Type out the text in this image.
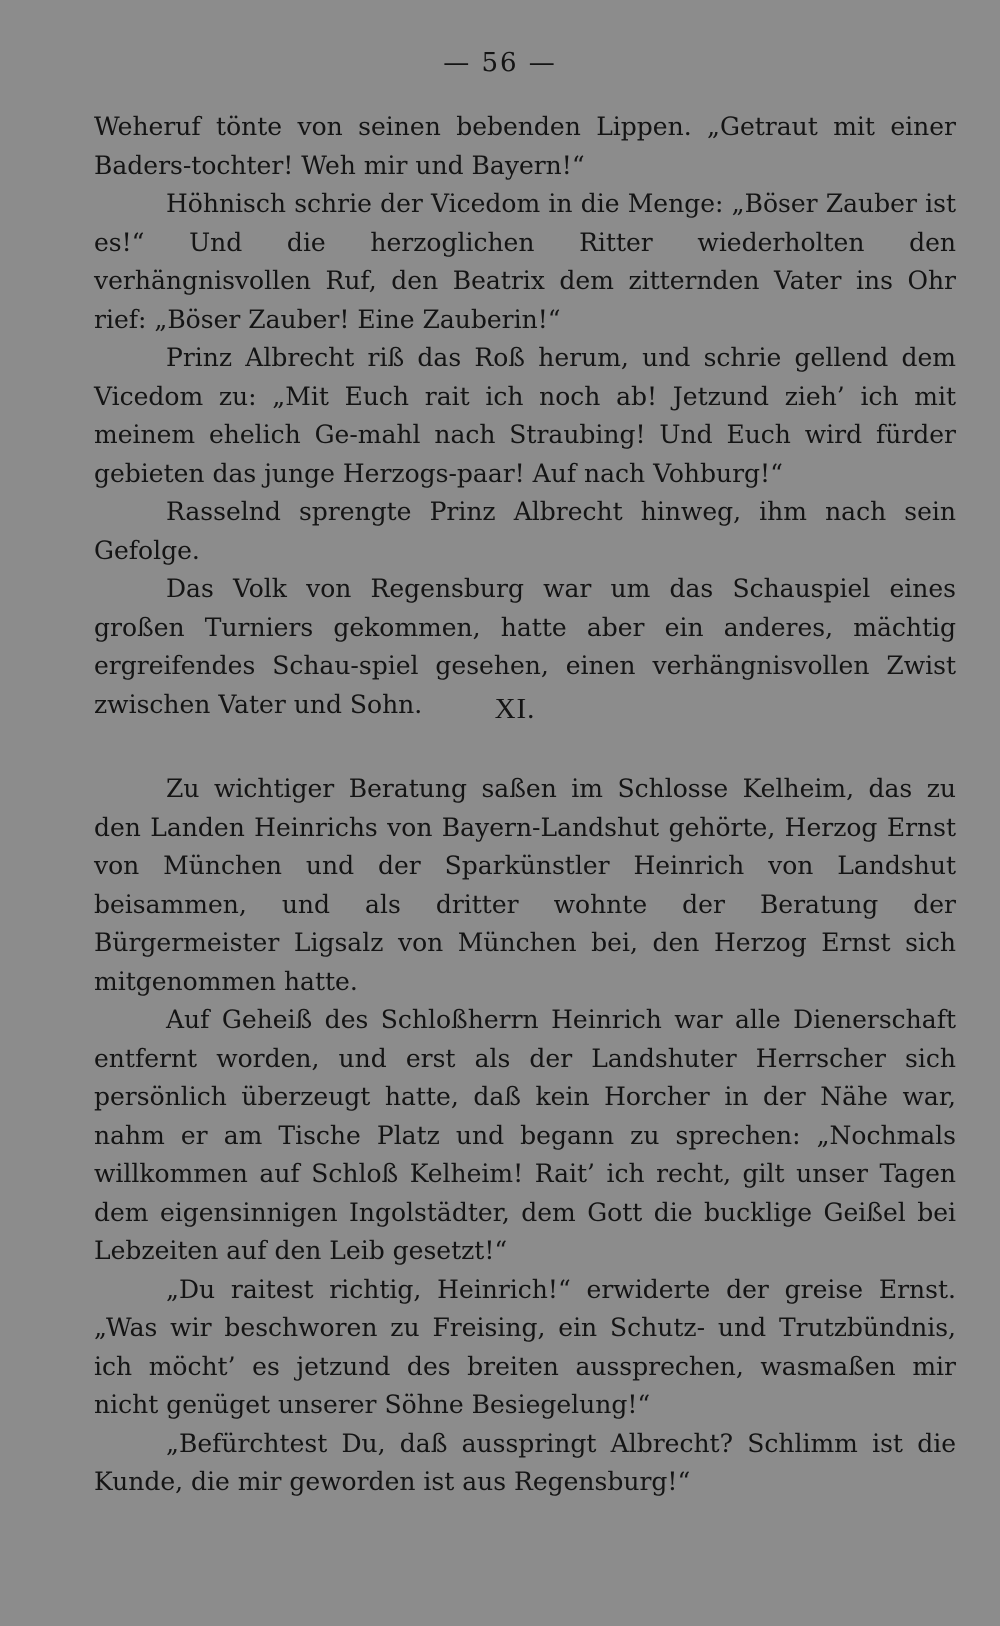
— 56 —

Weheruf tönte von seinen bebenden Lippen. „Getraut mit einer Baders-tochter! Weh mir und Bayern!“

Höhnisch schrie der Vicedom in die Menge: „Böser Zauber ist es!“ Und die herzoglichen Ritter wiederholten den verhängnisvollen Ruf, den Beatrix dem zitternden Vater ins Ohr rief: „Böser Zauber! Eine Zauberin!“

Prinz Albrecht riß das Roß herum, und schrie gellend dem Vicedom zu: „Mit Euch rait ich noch ab! Jetzund zieh’ ich mit meinem ehelich Ge-mahl nach Straubing! Und Euch wird fürder gebieten das junge Herzogs-paar! Auf nach Vohburg!“

Rasselnd sprengte Prinz Albrecht hinweg, ihm nach sein Gefolge.

Das Volk von Regensburg war um das Schauspiel eines großen Turniers gekommen, hatte aber ein anderes, mächtig ergreifendes Schau-spiel gesehen, einen verhängnisvollen Zwist zwischen Vater und Sohn.	XI.

Zu wichtiger Beratung saßen im Schlosse Kelheim, das zu den Landen Heinrichs von Bayern-Landshut gehörte, Herzog Ernst von München und der Sparkünstler Heinrich von Landshut beisammen, und als dritter wohnte der Beratung der Bürgermeister Ligsalz von München bei, den Herzog Ernst sich mitgenommen hatte.

Auf Geheiß des Schloßherrn Heinrich war alle Dienerschaft entfernt worden, und erst als der Landshuter Herrscher sich persönlich überzeugt hatte, daß kein Horcher in der Nähe war, nahm er am Tische Platz und begann zu sprechen: „Nochmals willkommen auf Schloß Kelheim! Rait’ ich recht, gilt unser Tagen dem eigensinnigen Ingolstädter, dem Gott die bucklige Geißel bei Lebzeiten auf den Leib gesetzt!“

„Du raitest richtig, Heinrich!“ erwiderte der greise Ernst. „Was wir beschworen zu Freising, ein Schutz- und Trutzbündnis, ich möcht’ es jetzund des breiten aussprechen, wasmaßen mir nicht genüget unserer Söhne Besiegelung!“

„Befürchtest Du, daß ausspringt Albrecht? Schlimm ist die Kunde, die mir geworden ist aus Regensburg!“
